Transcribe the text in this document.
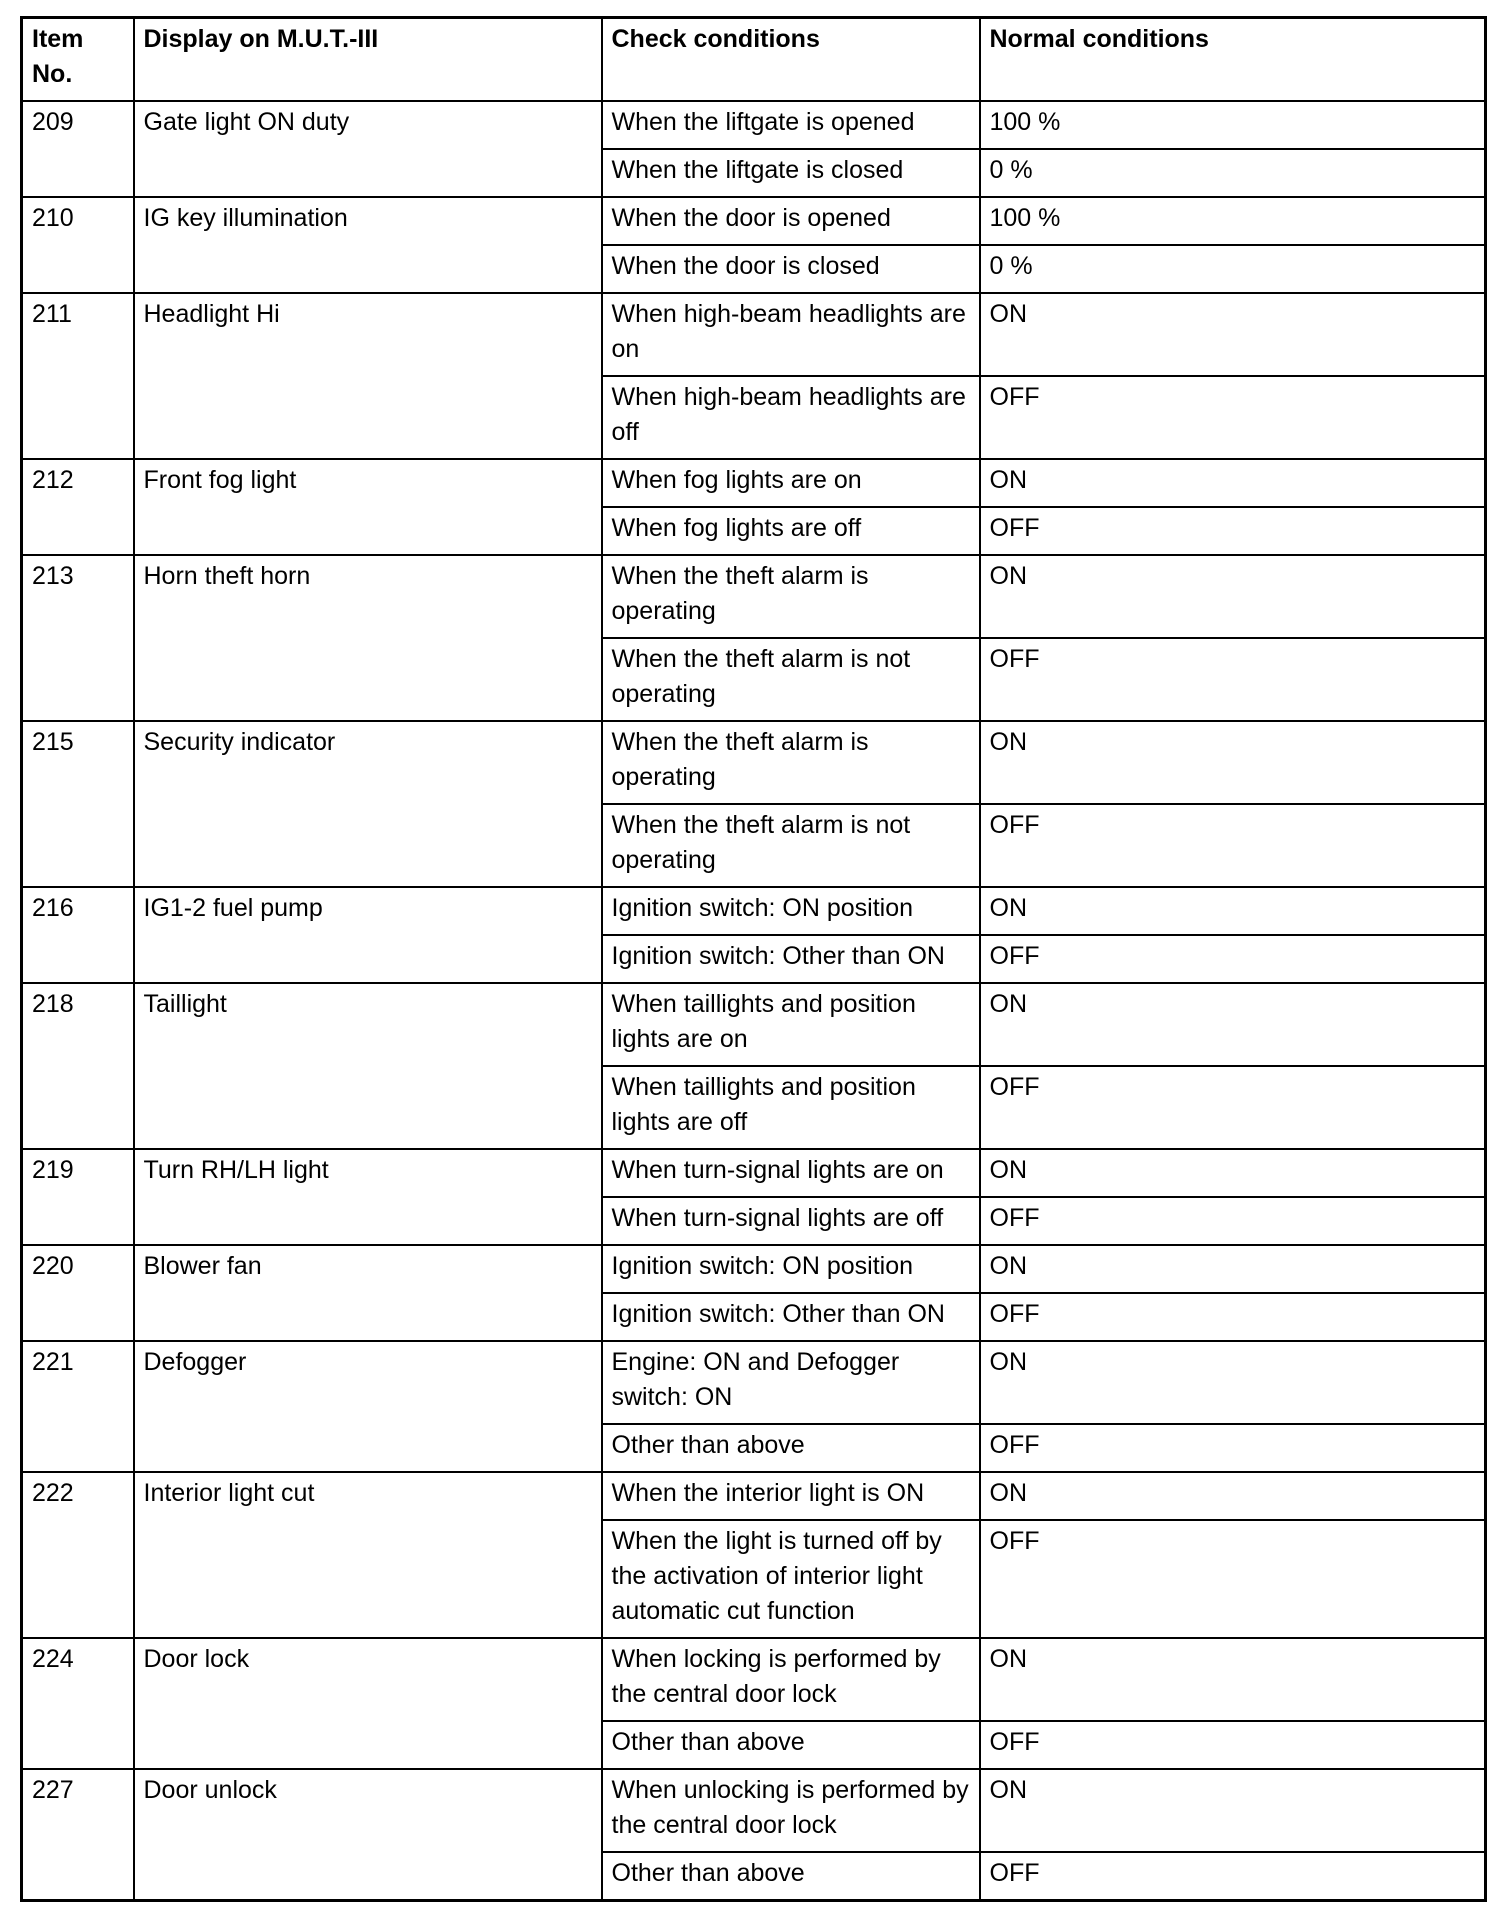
Item No.	Display on M.U.T.-III	Check conditions	Normal conditions
209	Gate light ON duty	When the liftgate is opened	100 %
		When the liftgate is closed	0 %
210	IG key illumination	When the door is opened	100 %
		When the door is closed	0 %
211	Headlight Hi	When high-beam headlights are on	ON
		When high-beam headlights are off	OFF
212	Front fog light	When fog lights are on	ON
		When fog lights are off	OFF
213	Horn theft horn	When the theft alarm is operating	ON
		When the theft alarm is not operating	OFF
215	Security indicator	When the theft alarm is operating	ON
		When the theft alarm is not operating	OFF
216	IG1-2 fuel pump	Ignition switch: ON position	ON
		Ignition switch: Other than ON	OFF
218	Taillight	When taillights and position lights are on	ON
		When taillights and position lights are off	OFF
219	Turn RH/LH light	When turn-signal lights are on	ON
		When turn-signal lights are off	OFF
220	Blower fan	Ignition switch: ON position	ON
		Ignition switch: Other than ON	OFF
221	Defogger	Engine: ON and Defogger switch: ON	ON
		Other than above	OFF
222	Interior light cut	When the interior light is ON	ON
		When the light is turned off by the activation of interior light automatic cut function	OFF
224	Door lock	When locking is performed by the central door lock	ON
		Other than above	OFF
227	Door unlock	When unlocking is performed by the central door lock	ON
		Other than above	OFF
